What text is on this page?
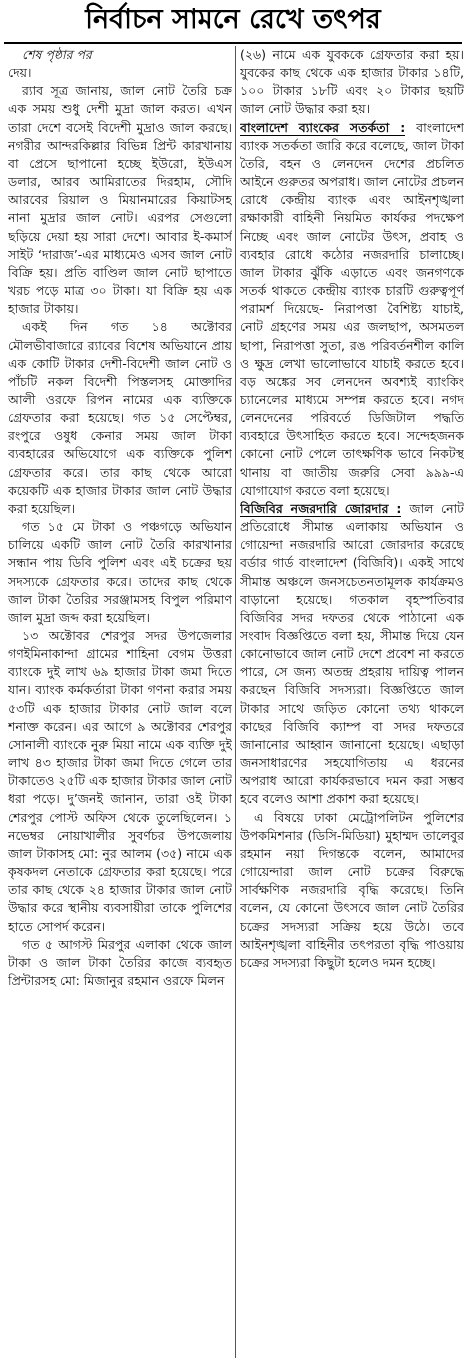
নির্বাচন সামনে রেখে তৎপর

শেষ পৃষ্ঠার পর

দেয়।

র‌্যাব সূত্র জানায়, জাল নোট তৈরি চক্র এক সময় শুধু দেশী মুদ্রা জাল করত। এখন তারা দেশে বসেই বিদেশী মুদ্রাও জাল করছে। নগরীর আন্দরকিল্লার বিভিন্ন প্রিন্ট কারখানায় বা প্রেসে ছাপানো হচ্ছে ইউরো, ইউএস ডলার, আরব আমিরাতের দিরহাম, সৌদি আরবের রিয়াল ও মিয়ানমারের কিয়াটসহ নানা মুদ্রার জাল নোট। এরপর সেগুলো ছড়িয়ে দেয়া হয় সারা দেশে। আবার ই-কমার্স সাইট ‘দারাজ’-এর মাধ্যমেও এসব জাল নোট বিক্রি হয়। প্রতি বাণ্ডিল জাল নোট ছাপাতে খরচ পড়ে মাত্র ৩০ টাকা। যা বিক্রি হয় এক হাজার টাকায়।

একই দিন গত ১৪ অক্টোবর মৌলভীবাজারে র‌্যাবের বিশেষ অভিযানে প্রায় এক কোটি টাকার দেশী-বিদেশী জাল নোট ও পাঁচটি নকল বিদেশী পিস্তলসহ মোক্তাদির আলী ওরফে রিপন নামের এক ব্যক্তিকে গ্রেফতার করা হয়েছে। গত ১৫ সেপ্টেম্বর, রংপুরে ওষুধ কেনার সময় জাল টাকা ব্যবহারের অভিযোগে এক ব্যক্তিকে পুলিশ গ্রেফতার করে। তার কাছ থেকে আরো কয়েকটি এক হাজার টাকার জাল নোট উদ্ধার করা হয়েছিল।

গত ১৫ মে টাকা ও পঞ্চগড়ে অভিযান চালিয়ে একটি জাল নোট তৈরি কারখানার সন্ধান পায় ডিবি পুলিশ এবং এই চক্রের ছয় সদস্যকে গ্রেফতার করে। তাদের কাছ থেকে জাল টাকা তৈরির সরঞ্জামসহ বিপুল পরিমাণ জাল মুদ্রা জব্দ করা হয়েছিল।

১৩ অক্টোবর শেরপুর সদর উপজেলার গণইমিনাকান্দা গ্রামের শাহিনা বেগম উত্তরা ব্যাংকে দুই লাখ ৬৯ হাজার টাকা জমা দিতে যান। ব্যাংক কর্মকর্তারা টাকা গণনা করার সময় ৫৩টি এক হাজার টাকার নোট জাল বলে শনাক্ত করেন। এর আগে ৯ অক্টোবর শেরপুর সোনালী ব্যাংকে নুরু মিয়া নামে এক ব্যক্তি দুই লাখ ৪৩ হাজার টাকা জমা দিতে গেলে তার টাকাতেও ২৫টি এক হাজার টাকার জাল নোট ধরা পড়ে। দু’জনই জানান, তারা ওই টাকা শেরপুর পোস্ট অফিস থেকে তুলেছিলেন। ১ নভেম্বর নোয়াখালীর সুবর্ণচর উপজেলায় জাল টাকাসহ মো: নুর আলম (৩৫) নামে এক কৃষকদল নেতাকে গ্রেফতার করা হয়েছে। পরে তার কাছ থেকে ২৪ হাজার টাকার জাল নোট উদ্ধার করে স্থানীয় ব্যবসায়ীরা তাকে পুলিশের হাতে সোপর্দ করেন।

গত ৫ আগস্ট মিরপুর এলাকা থেকে জাল টাকা ও জাল টাকা তৈরির কাজে ব্যবহৃত প্রিন্টারসহ মো: মিজানুর রহমান ওরফে মিলন

(২৬) নামে এক যুবককে গ্রেফতার করা হয়। যুবকের কাছ থেকে এক হাজার টাকার ১৪টি, ১০০ টাকার ১৮টি এবং ২০ টাকার ছয়টি জাল নোট উদ্ধার করা হয়।

বাংলাদেশ ব্যাংকের সতর্কতা : বাংলাদেশ ব্যাংক সতর্কতা জারি করে বলেছে, জাল টাকা তৈরি, বহন ও লেনদেন দেশের প্রচলিত আইনে গুরুতর অপরাধ। জাল নোটের প্রচলন রোধে কেন্দ্রীয় ব্যাংক এবং আইনশৃঙ্খলা রক্ষাকারী বাহিনী নিয়মিত কার্যকর পদক্ষেপ নিচ্ছে এবং জাল নোটের উৎস, প্রবাহ ও ব্যবহার রোধে কঠোর নজরদারি চালাচ্ছে। জাল টাকার ঝুঁকি এড়াতে এবং জনগণকে সতর্ক থাকতে কেন্দ্রীয় ব্যাংক চারটি গুরুত্বপূর্ণ পরামর্শ দিয়েছে- নিরাপত্তা বৈশিষ্ট্য যাচাই, নোট গ্রহণের সময় এর জলছাপ, অসমতল ছাপা, নিরাপত্তা সুতা, রঙ পরিবর্তনশীল কালি ও ক্ষুদ্র লেখা ভালোভাবে যাচাই করতে হবে। বড় অঙ্কের সব লেনদেন অবশ্যই ব্যাংকিং চ্যানেলের মাধ্যমে সম্পন্ন করতে হবে। নগদ লেনদেনের পরিবর্তে ডিজিটাল পদ্ধতি ব্যবহারে উৎসাহিত করতে হবে। সন্দেহজনক কোনো নোট পেলে তাৎক্ষণিক ভাবে নিকটস্থ থানায় বা জাতীয় জরুরি সেবা ৯৯৯-এ যোগাযোগ করতে বলা হয়েছে।

বিজিবির নজরদারি জোরদার : জাল নোট প্রতিরোধে সীমান্ত এলাকায় অভিযান ও গোয়েন্দা নজরদারি আরো জোরদার করেছে বর্ডার গার্ড বাংলাদেশ (বিজিবি)। একই সাথে সীমান্ত অঞ্চলে জনসচেতনতামূলক কার্যক্রমও বাড়ানো হয়েছে। গতকাল বৃহস্পতিবার বিজিবির সদর দফতর থেকে পাঠানো এক সংবাদ বিজ্ঞপ্তিতে বলা হয়, সীমান্ত দিয়ে যেন কোনোভাবে জাল নোট দেশে প্রবেশ না করতে পারে, সে জন্য অতন্দ্র প্রহরায় দায়িত্ব পালন করছেন বিজিবি সদস্যরা। বিজ্ঞপ্তিতে জাল টাকার সাথে জড়িত কোনো তথ্য থাকলে কাছের বিজিবি ক্যাম্প বা সদর দফতরে জানানোর আহ্বান জানানো হয়েছে। এছাড়া জনসাধারণের সহযোগিতায় এ ধরনের অপরাধ আরো কার্যকরভাবে দমন করা সম্ভব হবে বলেও আশা প্রকাশ করা হয়েছে।

এ বিষয়ে ঢাকা মেট্রোপলিটন পুলিশের উপকমিশনার (ডিসি-মিডিয়া) মুহাম্মদ তালেবুর রহমান নয়া দিগন্তকে বলেন, আমাদের গোয়েন্দারা জাল নোট চক্রের বিরুদ্ধে সার্বক্ষণিক নজরদারি বৃদ্ধি করেছে। তিনি বলেন, যে কোনো উৎসবে জাল নোট তৈরির চক্রের সদস্যরা সক্রিয় হয়ে উঠে। তবে আইনশৃঙ্খলা বাহিনীর তৎপরতা বৃদ্ধি পাওয়ায় চক্রের সদস্যরা কিছুটা হলেও দমন হচ্ছে।
